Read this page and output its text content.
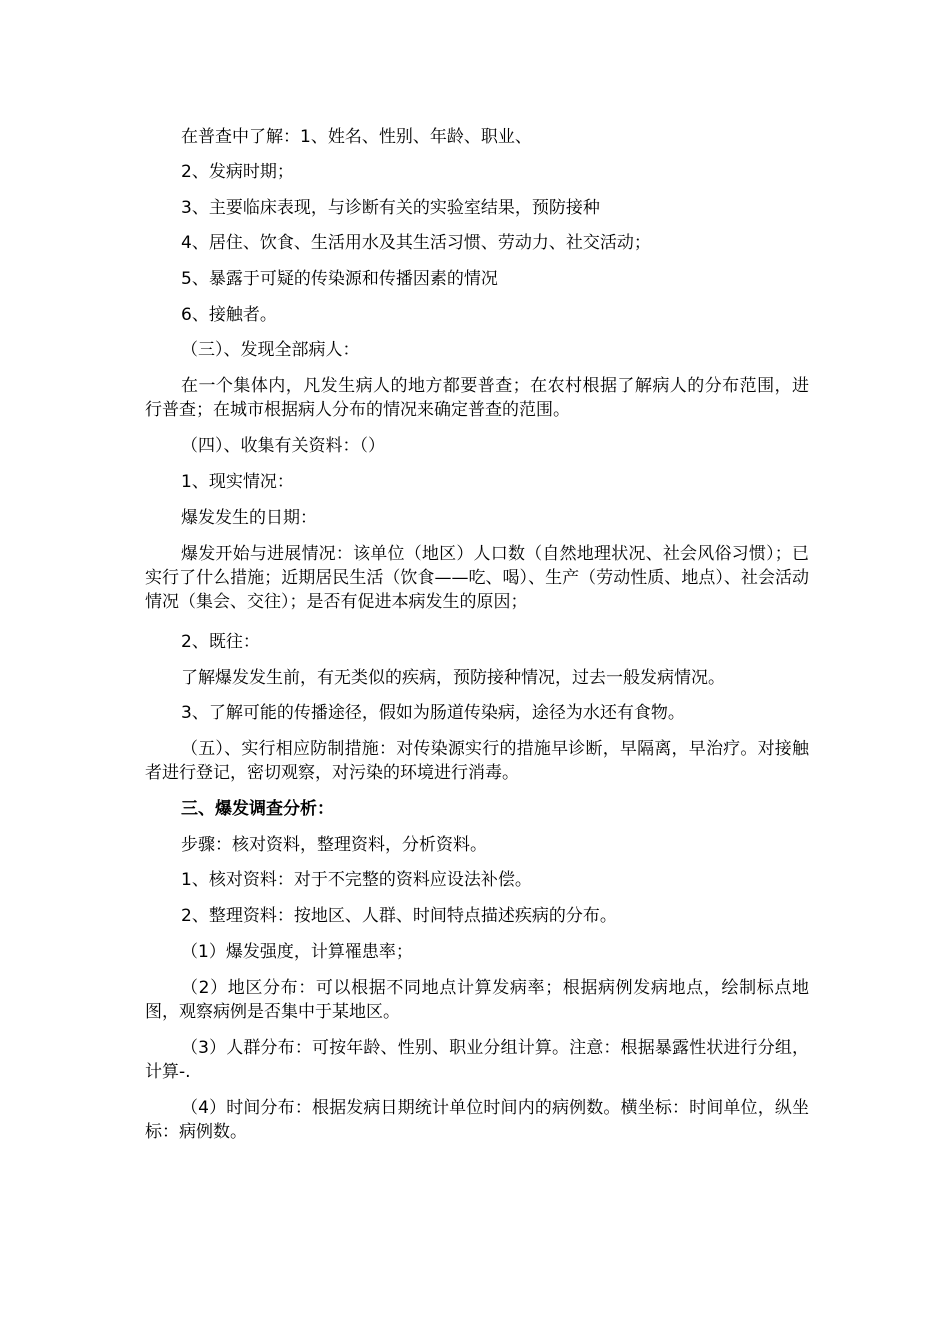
在普查中了解：1、姓名、性别、年龄、职业、

2、发病时期；

3、主要临床表现，与诊断有关的实验室结果，预防接种

4、居住、饮食、生活用水及其生活习惯、劳动力、社交活动；

5、暴露于可疑的传染源和传播因素的情况

6、接触者。

（三）、发现全部病人：

在一个集体内，凡发生病人的地方都要普查；在农村根据了解病人的分布范围，进行普查；在城市根据病人分布的情况来确定普查的范围。

（四）、收集有关资料：（）

1、现实情况：

爆发发生的日期：

爆发开始与进展情况：该单位（地区）人口数（自然地理状况、社会风俗习惯）；已实行了什么措施；近期居民生活（饮食——吃、喝）、生产（劳动性质、地点）、社会活动情况（集会、交往）；是否有促进本病发生的原因；

2、既往：

了解爆发发生前，有无类似的疾病，预防接种情况，过去一般发病情况。

3、了解可能的传播途径，假如为肠道传染病，途径为水还有食物。

（五）、实行相应防制措施：对传染源实行的措施早诊断，早隔离，早治疗。对接触者进行登记，密切观察，对污染的环境进行消毒。

三、爆发调查分析：

步骤：核对资料，整理资料，分析资料。

1、核对资料：对于不完整的资料应设法补偿。

2、整理资料：按地区、人群、时间特点描述疾病的分布。

（1）爆发强度，计算罹患率；

（2）地区分布：可以根据不同地点计算发病率；根据病例发病地点，绘制标点地图，观察病例是否集中于某地区。

（3）人群分布：可按年龄、性别、职业分组计算。注意：根据暴露性状进行分组，计算-.

（4）时间分布：根据发病日期统计单位时间内的病例数。横坐标：时间单位，纵坐标：病例数。
